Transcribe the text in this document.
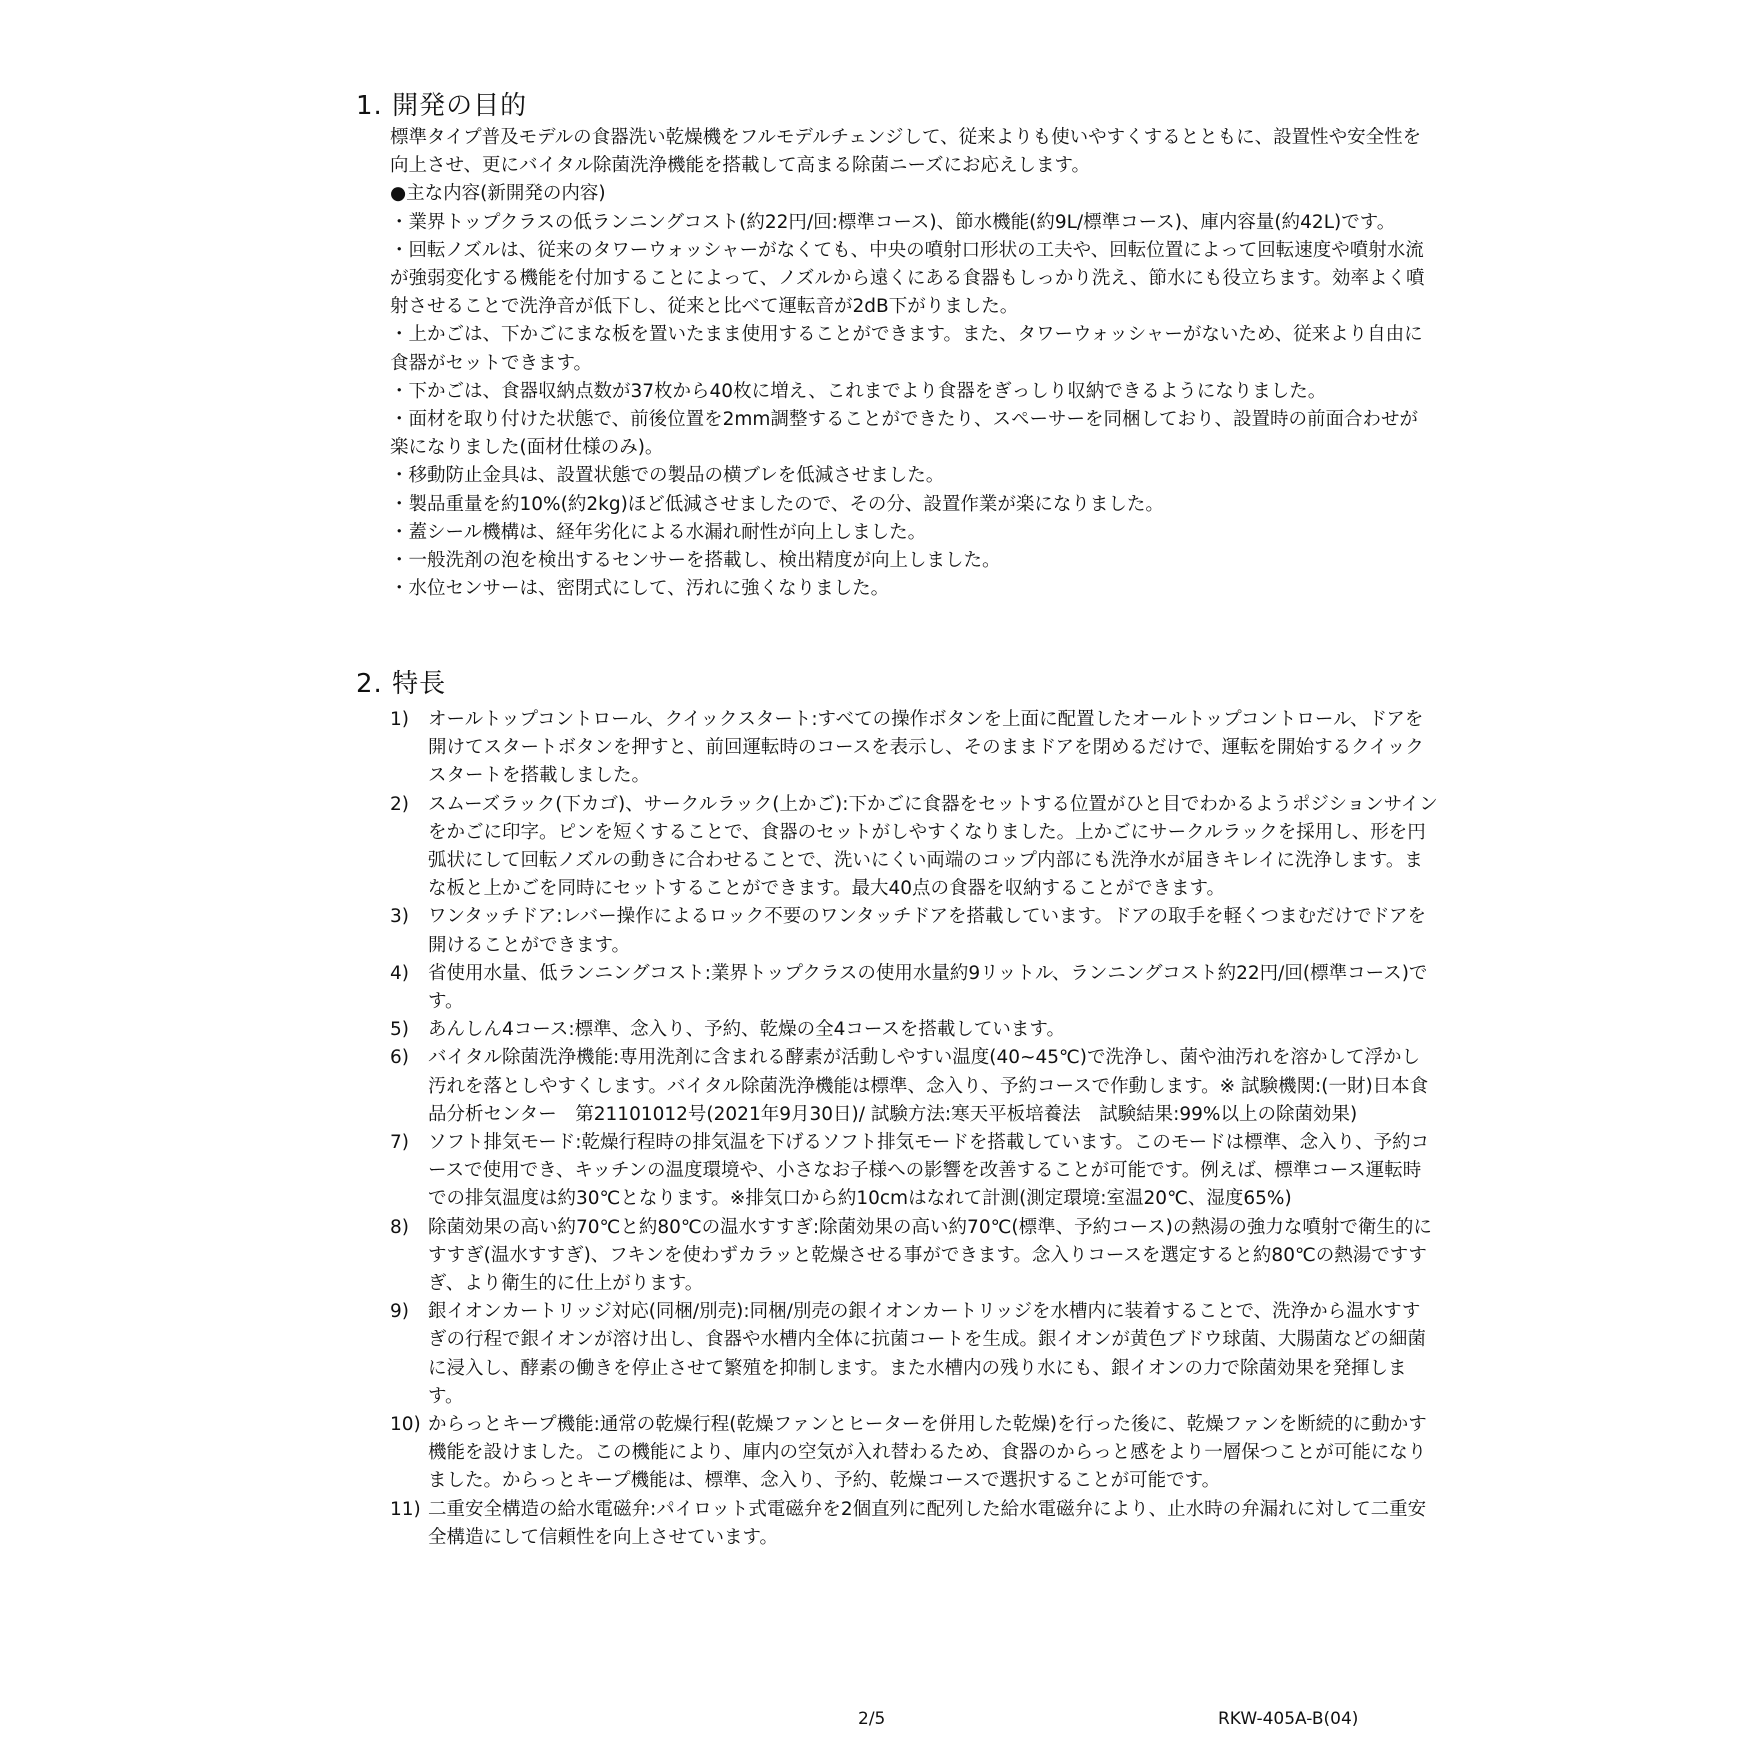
1. 開発の目的

標準タイプ普及モデルの食器洗い乾燥機をフルモデルチェンジして、従来よりも使いやすくするとともに、設置性や安全性を向上させ、更にバイタル除菌洗浄機能を搭載して高まる除菌ニーズにお応えします。

●主な内容(新開発の内容)

・業界トップクラスの低ランニングコスト(約22円/回:標準コース)、節水機能(約9L/標準コース)、庫内容量(約42L)です。

・回転ノズルは、従来のタワーウォッシャーがなくても、中央の噴射口形状の工夫や、回転位置によって回転速度や噴射水流が強弱変化する機能を付加することによって、ノズルから遠くにある食器もしっかり洗え、節水にも役立ちます。効率よく噴射させることで洗浄音が低下し、従来と比べて運転音が2dB下がりました。

・上かごは、下かごにまな板を置いたまま使用することができます。また、タワーウォッシャーがないため、従来より自由に食器がセットできます。

・下かごは、食器収納点数が37枚から40枚に増え、これまでより食器をぎっしり収納できるようになりました。

・面材を取り付けた状態で、前後位置を2mm調整することができたり、スペーサーを同梱しており、設置時の前面合わせが楽になりました(面材仕様のみ)。

・移動防止金具は、設置状態での製品の横ブレを低減させました。

・製品重量を約10%(約2kg)ほど低減させましたので、その分、設置作業が楽になりました。

・蓋シール機構は、経年劣化による水漏れ耐性が向上しました。

・一般洗剤の泡を検出するセンサーを搭載し、検出精度が向上しました。

・水位センサーは、密閉式にして、汚れに強くなりました。

2. 特長
1)	オールトップコントロール、クイックスタート:すべての操作ボタンを上面に配置したオールトップコントロール、ドアを開けてスタートボタンを押すと、前回運転時のコースを表示し、そのままドアを閉めるだけで、運転を開始するクイックスタートを搭載しました。
2)	スムーズラック(下カゴ)、サークルラック(上かご):下かごに食器をセットする位置がひと目でわかるようポジションサインをかごに印字。ピンを短くすることで、食器のセットがしやすくなりました。上かごにサークルラックを採用し、形を円弧状にして回転ノズルの動きに合わせることで、洗いにくい両端のコップ内部にも洗浄水が届きキレイに洗浄します。まな板と上かごを同時にセットすることができます。最大40点の食器を収納することができます。
3)	ワンタッチドア:レバー操作によるロック不要のワンタッチドアを搭載しています。ドアの取手を軽くつまむだけでドアを開けることができます。
4)	省使用水量、低ランニングコスト:業界トップクラスの使用水量約9リットル、ランニングコスト約22円/回(標準コース)です。
5)	あんしん4コース:標準、念入り、予約、乾燥の全4コースを搭載しています。
6)	バイタル除菌洗浄機能:専用洗剤に含まれる酵素が活動しやすい温度(40~45℃)で洗浄し、菌や油汚れを溶かして浮かし汚れを落としやすくします。バイタル除菌洗浄機能は標準、念入り、予約コースで作動します。※ 試験機関:(一財)日本食品分析センター　第21101012号(2021年9月30日)/ 試験方法:寒天平板培養法　試験結果:99%以上の除菌効果)
7)	ソフト排気モード:乾燥行程時の排気温を下げるソフト排気モードを搭載しています。このモードは標準、念入り、予約コースで使用でき、キッチンの温度環境や、小さなお子様への影響を改善することが可能です。例えば、標準コース運転時での排気温度は約30℃となります。※排気口から約10cmはなれて計測(測定環境:室温20℃、湿度65%)
8)	除菌効果の高い約70℃と約80℃の温水すすぎ:除菌効果の高い約70℃(標準、予約コース)の熱湯の強力な噴射で衛生的にすすぎ(温水すすぎ)、フキンを使わずカラッと乾燥させる事ができます。念入りコースを選定すると約80℃の熱湯ですすぎ、より衛生的に仕上がります。
9)	銀イオンカートリッジ対応(同梱/別売):同梱/別売の銀イオンカートリッジを水槽内に装着することで、洗浄から温水すすぎの行程で銀イオンが溶け出し、食器や水槽内全体に抗菌コートを生成。銀イオンが黄色ブドウ球菌、大腸菌などの細菌に浸入し、酵素の働きを停止させて繁殖を抑制します。また水槽内の残り水にも、銀イオンの力で除菌効果を発揮します。
10) からっとキープ機能:通常の乾燥行程(乾燥ファンとヒーターを併用した乾燥)を行った後に、乾燥ファンを断続的に動かす機能を設けました。この機能により、庫内の空気が入れ替わるため、食器のからっと感をより一層保つことが可能になりました。からっとキープ機能は、標準、念入り、予約、乾燥コースで選択することが可能です。
11) 二重安全構造の給水電磁弁:パイロット式電磁弁を2個直列に配列した給水電磁弁により、止水時の弁漏れに対して二重安全構造にして信頼性を向上させています。
2/5	RKW-405A-B(04)
